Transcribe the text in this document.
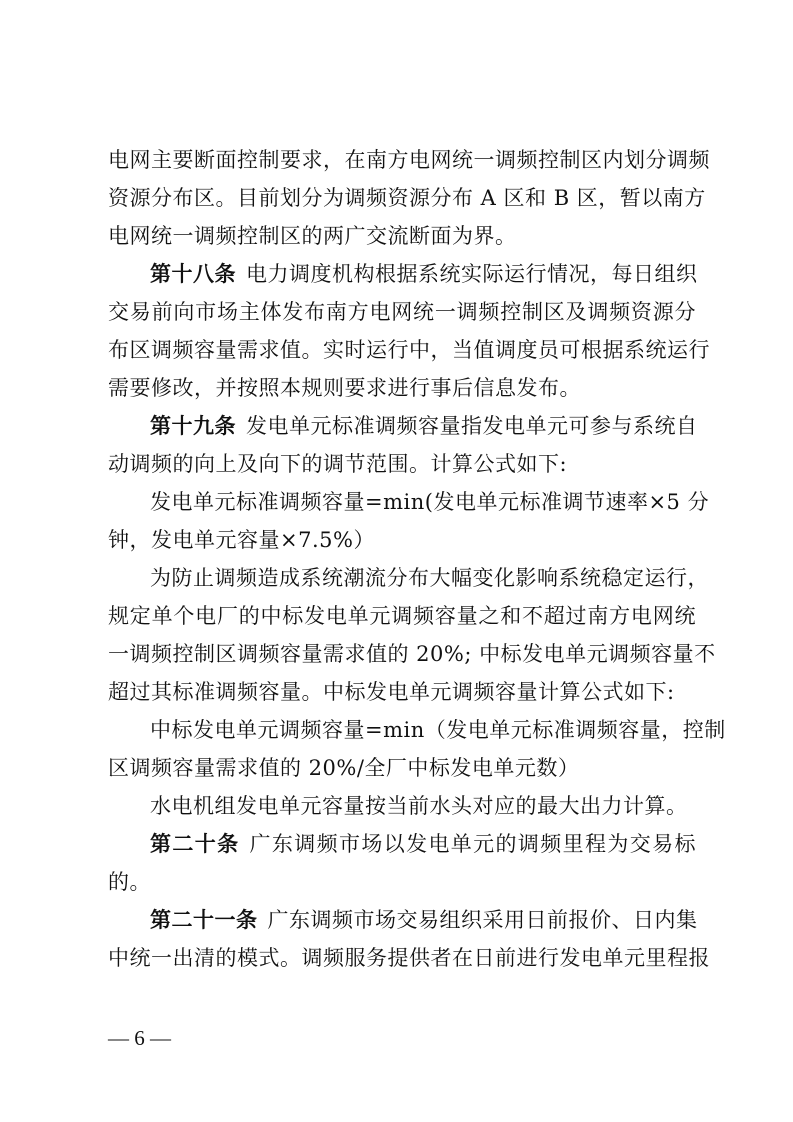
电网主要断面控制要求，在南方电网统一调频控制区内划分调频
资源分布区。目前划分为调频资源分布 A 区和 B 区，暂以南方
电网统一调频控制区的两广交流断面为界。
第十八条 电力调度机构根据系统实际运行情况，每日组织
交易前向市场主体发布南方电网统一调频控制区及调频资源分
布区调频容量需求值。实时运行中，当值调度员可根据系统运行
需要修改，并按照本规则要求进行事后信息发布。
第十九条 发电单元标准调频容量指发电单元可参与系统自
动调频的向上及向下的调节范围。计算公式如下:
发电单元标准调频容量=min(发电单元标准调节速率×5 分
钟，发电单元容量×7.5%）
为防止调频造成系统潮流分布大幅变化影响系统稳定运行，
规定单个电厂的中标发电单元调频容量之和不超过南方电网统
一调频控制区调频容量需求值的 20%; 中标发电单元调频容量不
超过其标准调频容量。中标发电单元调频容量计算公式如下:
中标发电单元调频容量=min（发电单元标准调频容量，控制
区调频容量需求值的 20%/全厂中标发电单元数）
水电机组发电单元容量按当前水头对应的最大出力计算。
第二十条 广东调频市场以发电单元的调频里程为交易标
的。
第二十一条 广东调频市场交易组织采用日前报价、日内集
中统一出清的模式。调频服务提供者在日前进行发电单元里程报
— 6 —
